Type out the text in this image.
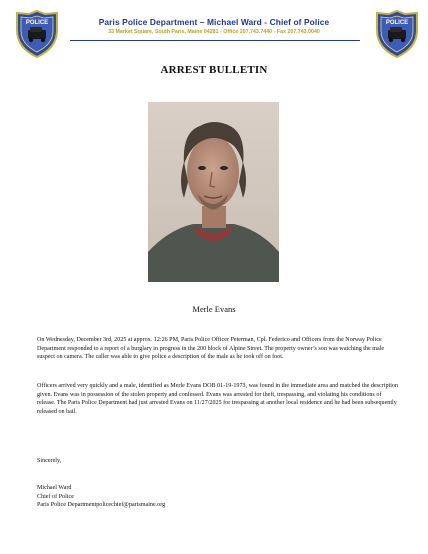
POLICE	Paris Police Department – Michael Ward - Chief of Police
33 Market Square, South Paris, Maine 04281 - Office 207.743.7440 - Fax 207.743.0040
POLICE
ARREST BULLETIN
Merle Evans

On Wednesday, December 3rd, 2025 at approx. 12:26 PM, Paris Police Officer Peterman, Cpl. Federico and Officers from the Norway Police Department responded to a report of a burglary in progress in the 200 block of Alpine Street. The property owner’s son was watching the male suspect on camera. The caller was able to give police a description of the male as he took off on foot.

Officers arrived very quickly and a male, identified as Merle Evans DOB 01-19-1973, was found in the immediate area and matched the description given. Evans was in possession of the stolen property and confessed. Evans was arrested for theft, trespassing, and violating his conditions of release. The Paris Police Department had just arrested Evans on 11/27/2025 for trespassing at another local residence and he had been subsequently released on bail.

Sincerely,
Michael Ward
Chief of Police
Paris Police Departmentpolicechief@parismaine.org
